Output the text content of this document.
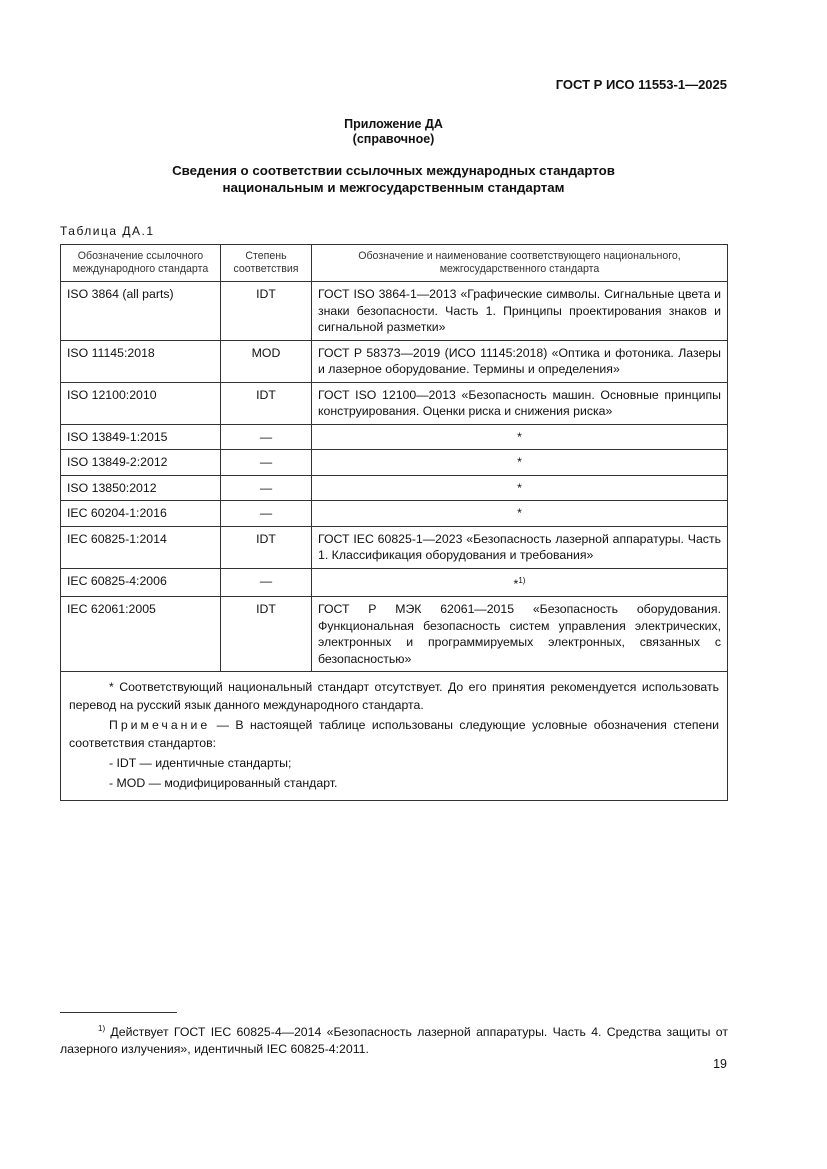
ГОСТ Р ИСО 11553-1—2025
Приложение ДА
(справочное)
Сведения о соответствии ссылочных международных стандартов
национальным и межгосударственным стандартам
Таблица ДА.1
Обозначение ссылочного международного стандарта	Степень соответствия	Обозначение и наименование соответствующего национального, межгосударственного стандарта
ISO 3864 (all parts)	IDT	ГОСТ ISO 3864-1—2013 «Графические символы. Сигнальные цвета и знаки безопасности. Часть 1. Принципы проектирования знаков и сигнальной разметки»
ISO 11145:2018	MOD	ГОСТ Р 58373—2019 (ИСО 11145:2018) «Оптика и фотоника. Лазеры и лазерное оборудование. Термины и определения»
ISO 12100:2010	IDT	ГОСТ ISO 12100—2013 «Безопасность машин. Основные принципы конструирования. Оценки риска и снижения риска»
ISO 13849-1:2015	—	*
ISO 13849-2:2012	—	*
ISO 13850:2012	—	*
IEC 60204-1:2016	—	*
IEC 60825-1:2014	IDT	ГОСТ IEC 60825-1—2023 «Безопасность лазерной аппаратуры. Часть 1. Классификация оборудования и требования»
IEC 60825-4:2006	—	*$^{1)}$
IEC 62061:2005	IDT	ГОСТ Р МЭК 62061—2015 «Безопасность оборудования. Функциональная безопасность систем управления электрических, электронных и программируемых электронных, связанных с безопасностью»

* Соответствующий национальный стандарт отсутствует. До его принятия рекомендуется использовать перевод на русский язык данного международного стандарта.
Примечание — В настоящей таблице использованы следующие условные обозначения степени соответствия стандартов:
- IDT — идентичные стандарты;
- MOD — модифицированный стандарт.		
$^{1)}$ Действует ГОСТ IEC 60825-4—2014 «Безопасность лазерной аппаратуры. Часть 4. Средства защиты от лазерного излучения», идентичный IEC 60825-4:2011.
19
